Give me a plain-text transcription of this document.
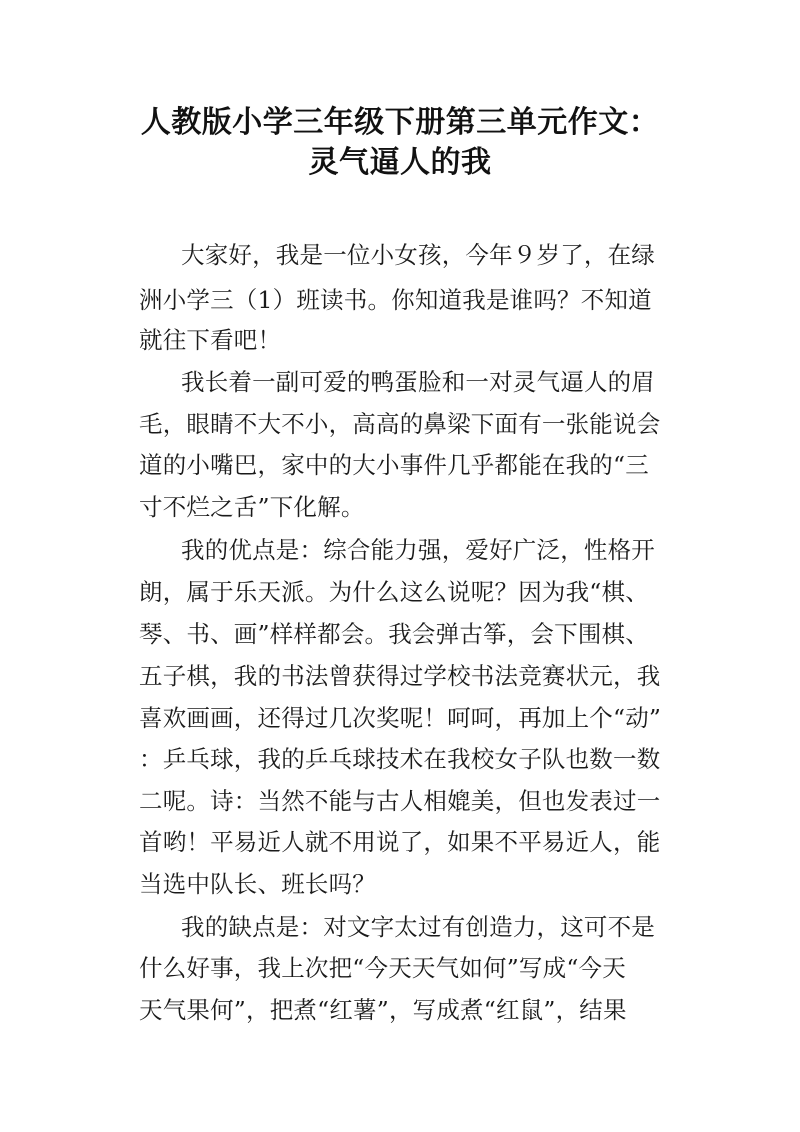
人教版小学三年级下册第三单元作文：
灵气逼人的我
大家好，我是一位小女孩，今年９岁了，在绿
洲小学三（1）班读书。你知道我是谁吗？不知道
就往下看吧！
我长着一副可爱的鸭蛋脸和一对灵气逼人的眉
毛，眼睛不大不小，高高的鼻梁下面有一张能说会
道的小嘴巴，家中的大小事件几乎都能在我的“三
寸不烂之舌”下化解。
我的优点是：综合能力强，爱好广泛，性格开
朗，属于乐天派。为什么这么说呢？因为我“棋、
琴、书、画”样样都会。我会弹古筝，会下围棋、
五子棋，我的书法曾获得过学校书法竞赛状元，我
喜欢画画，还得过几次奖呢！呵呵，再加上个“动”
：乒乓球，我的乒乓球技术在我校女子队也数一数
二呢。诗：当然不能与古人相媲美，但也发表过一
首哟！平易近人就不用说了，如果不平易近人，能
当选中队长、班长吗？
我的缺点是：对文字太过有创造力，这可不是
什么好事，我上次把“今天天气如何”写成“今天
天气果何”，把煮“红薯”，写成煮“红鼠”，结果
